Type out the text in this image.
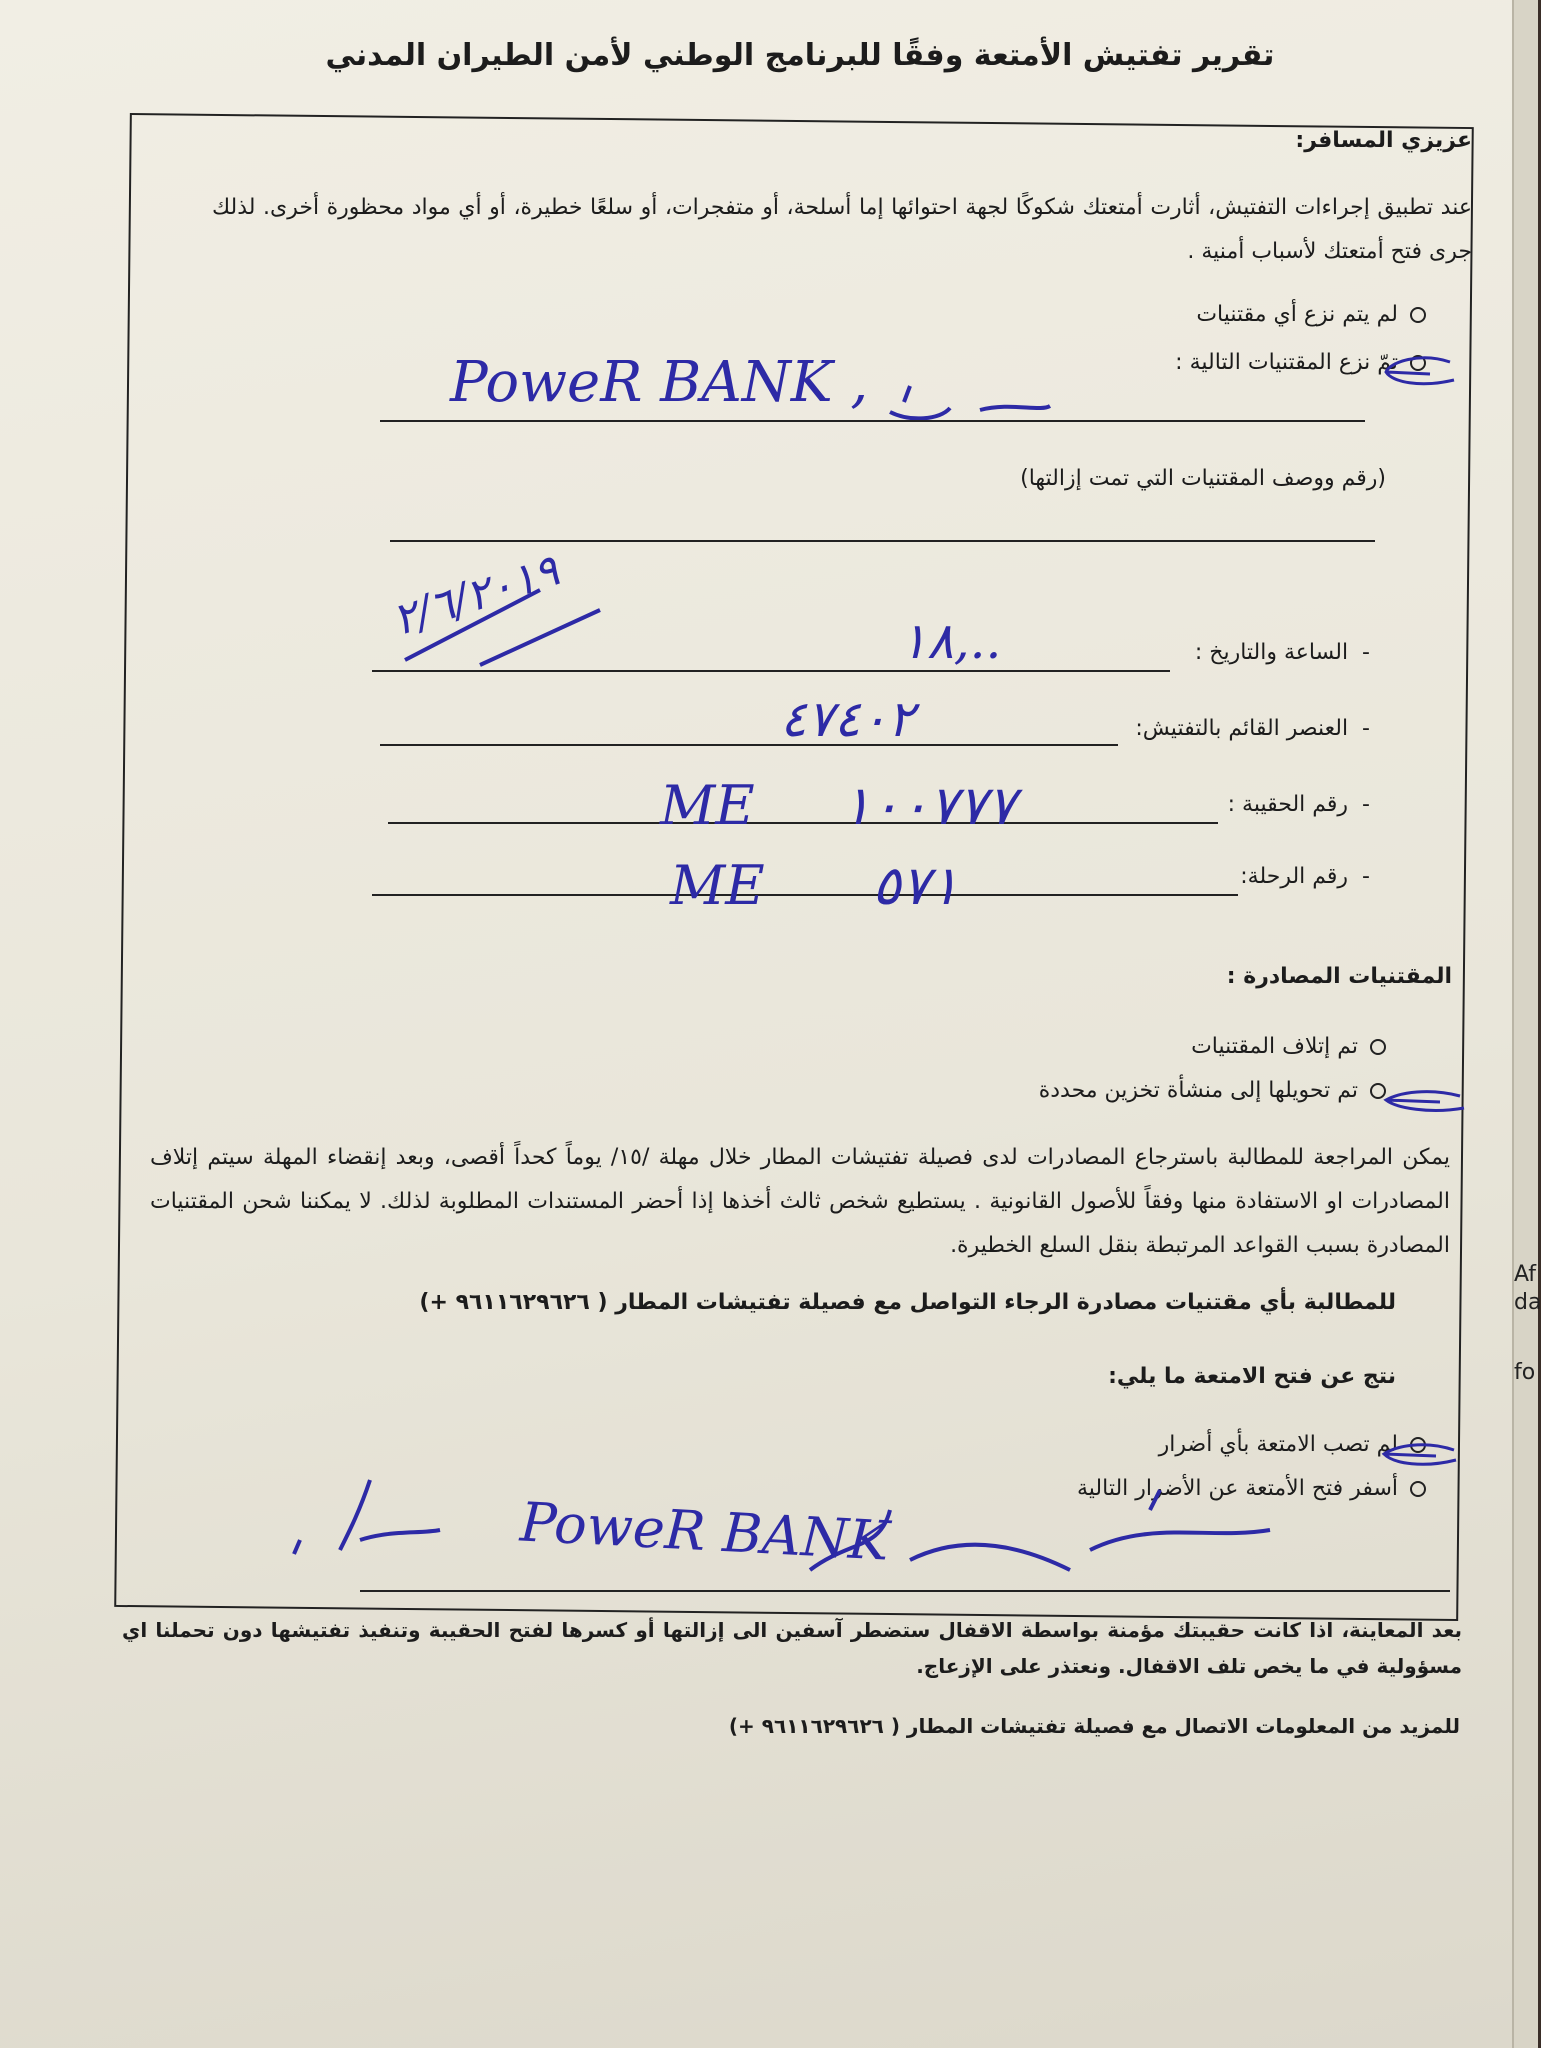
Af
da
fo
تقرير تفتيش الأمتعة وفقًا للبرنامج الوطني لأمن الطيران المدني
عزيزي المسافر:
عند تطبيق إجراءات التفتيش، أثارت أمتعتك شكوكًا لجهة احتوائها إما أسلحة، أو متفجرات، أو سلعًا خطيرة، أو أي مواد محظورة أخرى. لذلك جرى فتح أمتعتك لأسباب أمنية .
لم يتم نزع أي مقتنيات
تمّ نزع المقتنيات التالية :
PoweR BANK ,
(رقم ووصف المقتنيات التي تمت إزالتها)
٢/٦/٢٠١٩
-  الساعة والتاريخ :
١٨,..
-  العنصر القائم بالتفتيش:
٤٧٤٠٢
-  رقم الحقيبة :
ME ١٠٠٧٧٧
-  رقم الرحلة:
ME ٥٧١
المقتنيات المصادرة :
تم إتلاف المقتنيات
تم تحويلها إلى منشأة تخزين محددة
يمكن المراجعة للمطالبة باسترجاع المصادرات لدى فصيلة تفتيشات المطار خلال مهلة /١٥/ يوماً كحداً أقصى، وبعد إنقضاء المهلة سيتم إتلاف المصادرات او الاستفادة منها وفقاً للأصول القانونية . يستطيع شخص ثالث أخذها إذا أحضر المستندات المطلوبة لذلك. لا يمكننا شحن المقتنيات المصادرة بسبب القواعد المرتبطة بنقل السلع الخطيرة.
للمطالبة بأي مقتنيات مصادرة الرجاء التواصل مع فصيلة تفتيشات المطار ( ٩٦١١٦٢٩٦٢٦ +)
نتج عن فتح الامتعة ما يلي:
لم تصب الامتعة بأي أضرار
أسفر فتح الأمتعة عن الأضرار التالية
PoweR BANK
بعد المعاينة، اذا كانت حقيبتك مؤمنة بواسطة الاقفال ستضطر آسفين الى إزالتها أو كسرها لفتح الحقيبة وتنفيذ تفتيشها دون تحملنا اي مسؤولية في ما يخص تلف الاقفال. ونعتذر على الإزعاج.
للمزيد من المعلومات الاتصال مع فصيلة تفتيشات المطار ( ٩٦١١٦٢٩٦٢٦ +)
